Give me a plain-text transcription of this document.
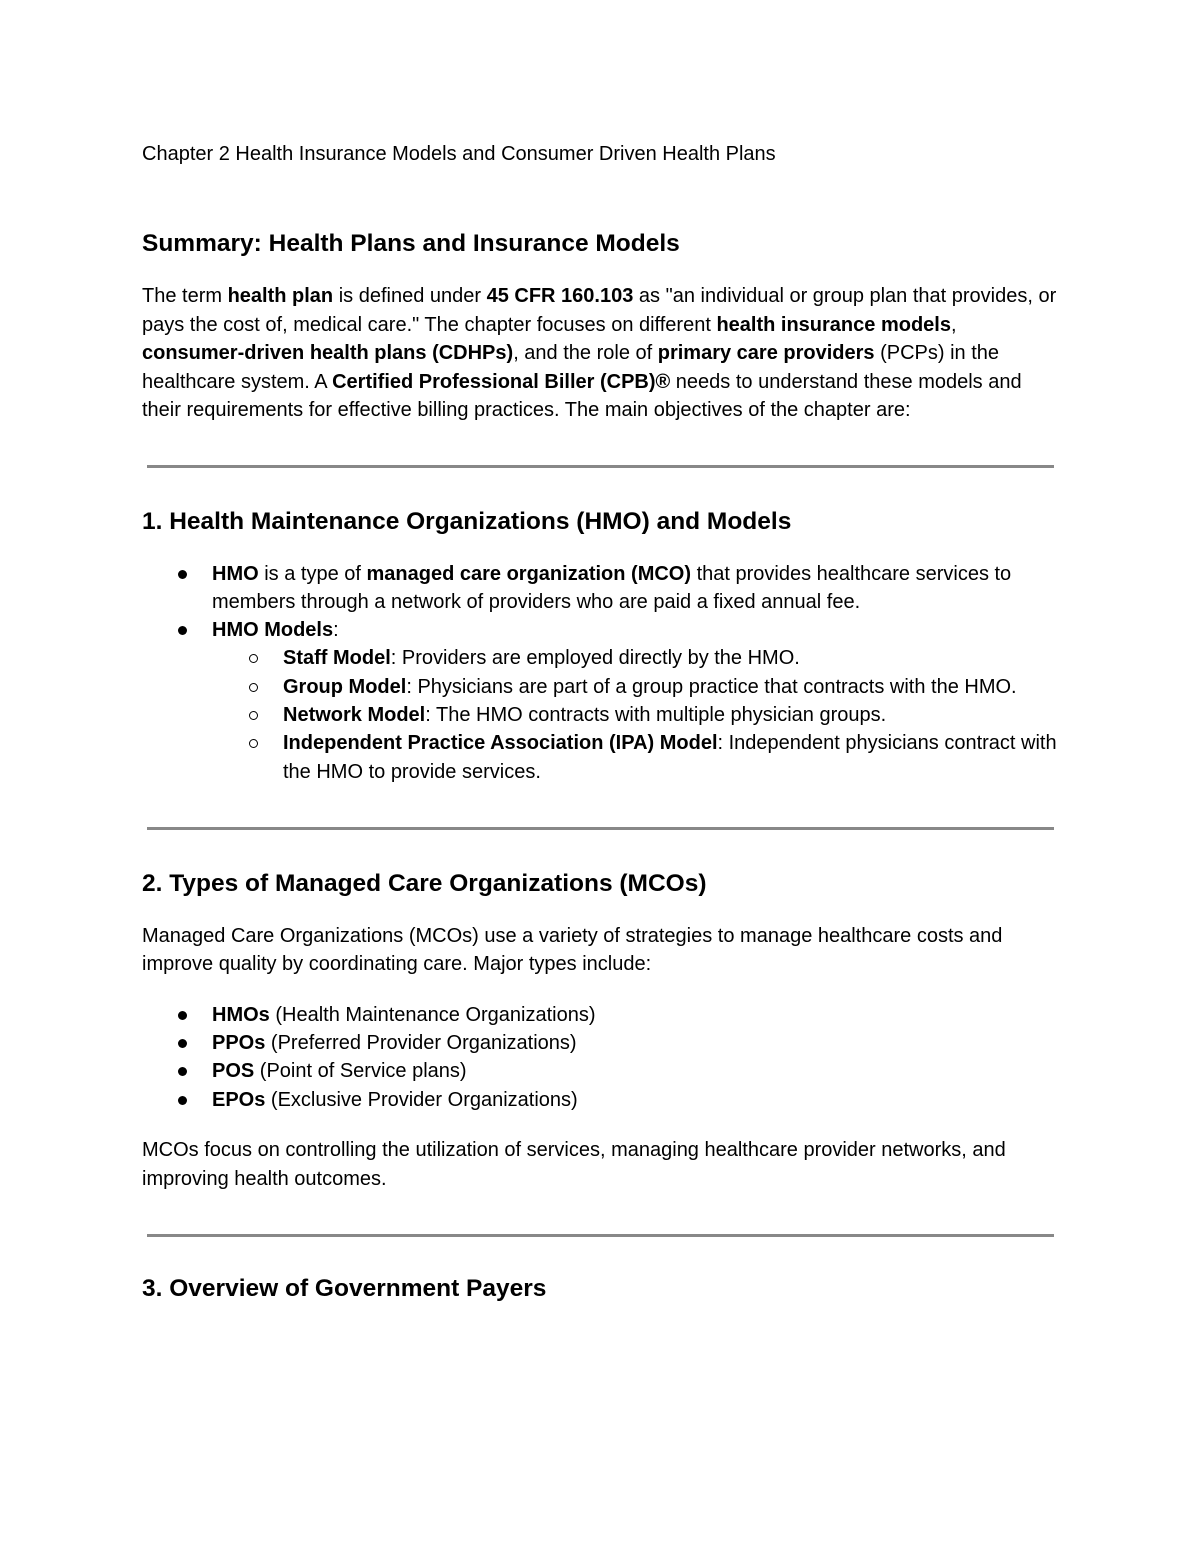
Chapter 2 Health Insurance Models and Consumer Driven Health Plans

Summary: Health Plans and Insurance Models

The term health plan is defined under 45 CFR 160.103 as "an individual or group plan that provides, or pays the cost of, medical care." The chapter focuses on different health insurance models, consumer-driven health plans (CDHPs), and the role of primary care providers (PCPs) in the healthcare system. A Certified Professional Biller (CPB)® needs to understand these models and their requirements for effective billing practices. The main objectives of the chapter are:

1. Health Maintenance Organizations (HMO) and Models
HMO is a type of managed care organization (MCO) that provides healthcare services to members through a network of providers who are paid a fixed annual fee.
HMO Models:
Staff Model: Providers are employed directly by the HMO.
Group Model: Physicians are part of a group practice that contracts with the HMO.
Network Model: The HMO contracts with multiple physician groups.
Independent Practice Association (IPA) Model: Independent physicians contract with the HMO to provide services.
2. Types of Managed Care Organizations (MCOs)

Managed Care Organizations (MCOs) use a variety of strategies to manage healthcare costs and improve quality by coordinating care. Major types include:

HMOs (Health Maintenance Organizations)
PPOs (Preferred Provider Organizations)
POS (Point of Service plans)
EPOs (Exclusive Provider Organizations)

MCOs focus on controlling the utilization of services, managing healthcare provider networks, and improving health outcomes.

3. Overview of Government Payers
